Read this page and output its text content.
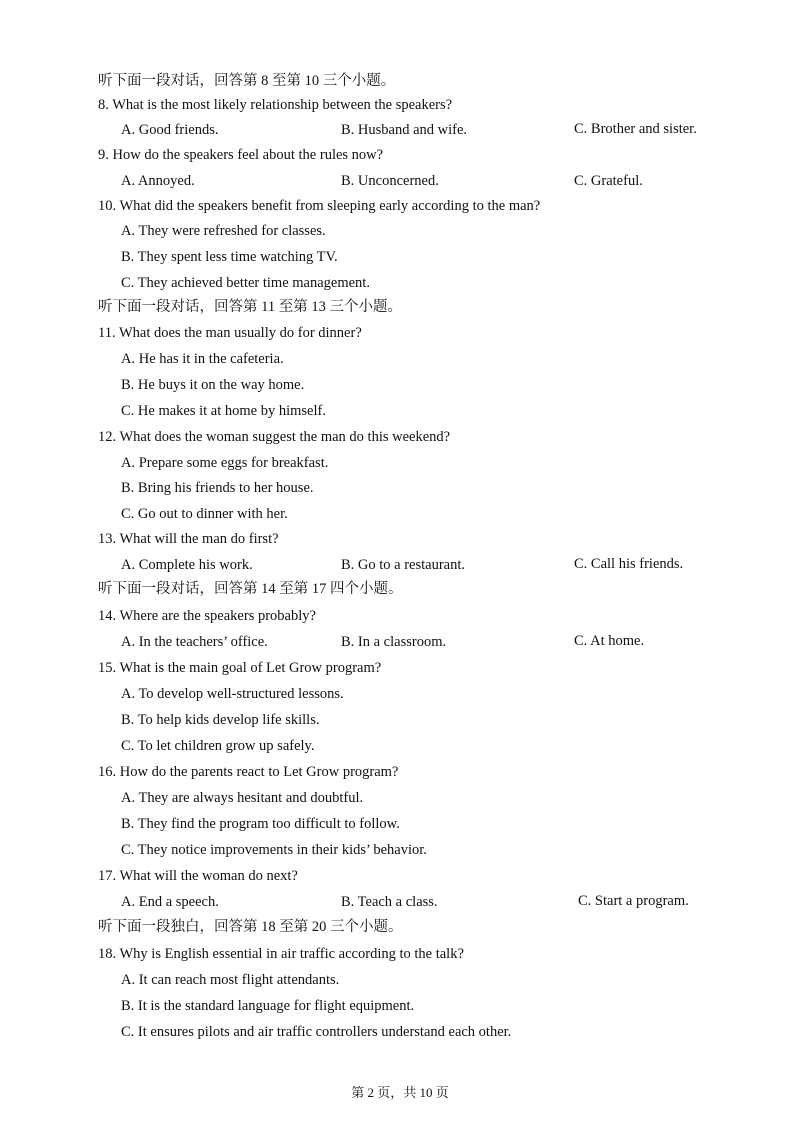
听下面一段对话，回答第 8 至第 10 三个小题。
8. What is the most likely relationship between the speakers?
A. Good friends.	B. Husband and wife.	C. Brother and sister.
9. How do the speakers feel about the rules now?
A. Annoyed.	B. Unconcerned.	C. Grateful.
10. What did the speakers benefit from sleeping early according to the man?
A. They were refreshed for classes.
B. They spent less time watching TV.
C. They achieved better time management.
听下面一段对话，回答第 11 至第 13 三个小题。
11. What does the man usually do for dinner?
A. He has it in the cafeteria.
B. He buys it on the way home.
C. He makes it at home by himself.
12. What does the woman suggest the man do this weekend?
A. Prepare some eggs for breakfast.
B. Bring his friends to her house.
C. Go out to dinner with her.
13. What will the man do first?
A. Complete his work.	B. Go to a restaurant.	C. Call his friends.
听下面一段对话，回答第 14 至第 17 四个小题。
14. Where are the speakers probably?
A. In the teachers’ office.	B. In a classroom.	C. At home.
15. What is the main goal of Let Grow program?
A. To develop well-structured lessons.
B. To help kids develop life skills.
C. To let children grow up safely.
16. How do the parents react to Let Grow program?
A. They are always hesitant and doubtful.
B. They find the program too difficult to follow.
C. They notice improvements in their kids’ behavior.
17. What will the woman do next?
A. End a speech.	B. Teach a class.	C. Start a program.
听下面一段独白，回答第 18 至第 20 三个小题。
18. Why is English essential in air traffic according to the talk?
A. It can reach most flight attendants.
B. It is the standard language for flight equipment.
C. It ensures pilots and air traffic controllers understand each other.
第 2 页，共 10 页
